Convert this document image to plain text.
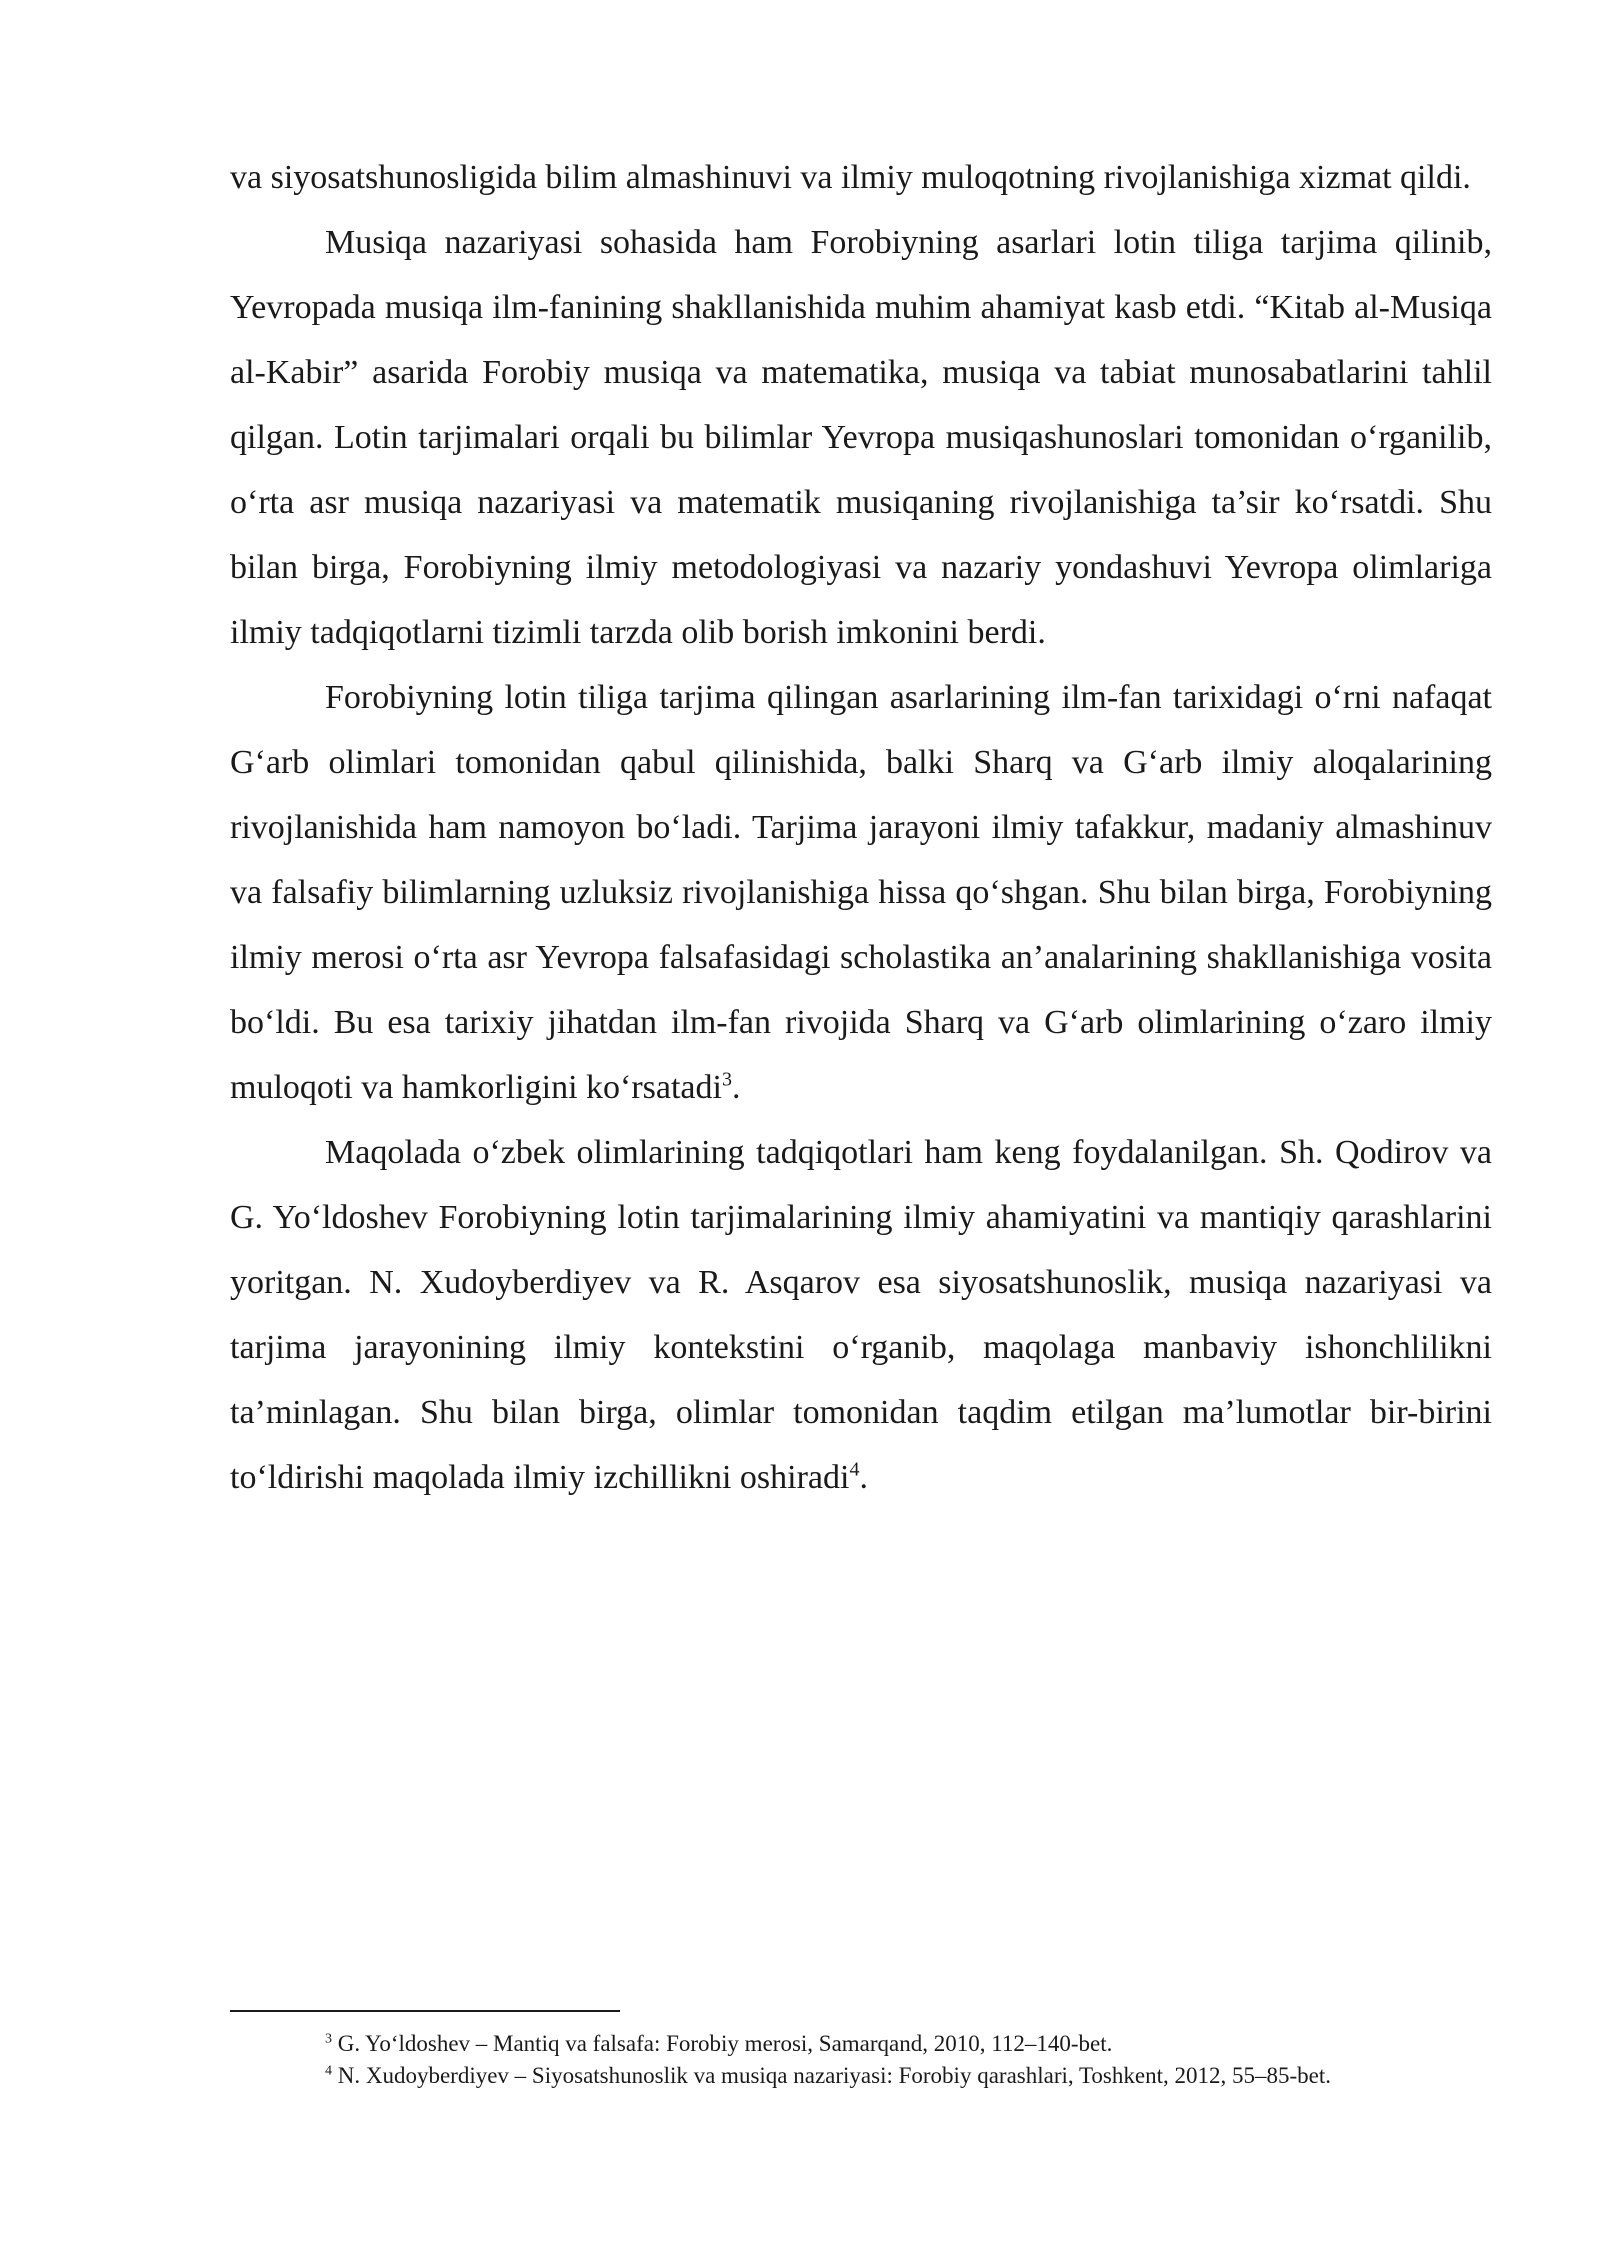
va siyosatshunosligida bilim almashinuvi va ilmiy muloqotning rivojlanishiga xizmat qildi.

Musiqa nazariyasi sohasida ham Forobiyning asarlari lotin tiliga tarjima qilinib, Yevropada musiqa ilm-fanining shakllanishida muhim ahamiyat kasb etdi. “Kitab al-Musiqa al-Kabir” asarida Forobiy musiqa va matematika, musiqa va tabiat munosabatlarini tahlil qilgan. Lotin tarjimalari orqali bu bilimlar Yevropa musiqashunoslari tomonidan o‘rganilib, o‘rta asr musiqa nazariyasi va matematik musiqaning rivojlanishiga ta’sir ko‘rsatdi. Shu bilan birga, Forobiyning ilmiy metodologiyasi va nazariy yondashuvi Yevropa olimlariga ilmiy tadqiqotlarni tizimli tarzda olib borish imkonini berdi.

Forobiyning lotin tiliga tarjima qilingan asarlarining ilm-fan tarixidagi o‘rni nafaqat G‘arb olimlari tomonidan qabul qilinishida, balki Sharq va G‘arb ilmiy aloqalarining rivojlanishida ham namoyon bo‘ladi. Tarjima jarayoni ilmiy tafakkur, madaniy almashinuv va falsafiy bilimlarning uzluksiz rivojlanishiga hissa qo‘shgan. Shu bilan birga, Forobiyning ilmiy merosi o‘rta asr Yevropa falsafasidagi scholastika an’analarining shakllanishiga vosita bo‘ldi. Bu esa tarixiy jihatdan ilm-fan rivojida Sharq va G‘arb olimlarining o‘zaro ilmiy muloqoti va hamkorligini ko‘rsatadi$^3$.

Maqolada o‘zbek olimlarining tadqiqotlari ham keng foydalanilgan. Sh. Qodirov va G. Yo‘ldoshev Forobiyning lotin tarjimalarining ilmiy ahamiyatini va mantiqiy qarashlarini yoritgan. N. Xudoyberdiyev va R. Asqarov esa siyosatshunoslik, musiqa nazariyasi va tarjima jarayonining ilmiy kontekstini o‘rganib, maqolaga manbaviy ishonchlilikni ta’minlagan. Shu bilan birga, olimlar tomonidan taqdim etilgan ma’lumotlar bir-birini to‘ldirishi maqolada ilmiy izchillikni oshiradi$^4$.

$^3$ G. Yo‘ldoshev – Mantiq va falsafa: Forobiy merosi, Samarqand, 2010, 112–140-bet.

$^4$ N. Xudoyberdiyev – Siyosatshunoslik va musiqa nazariyasi: Forobiy qarashlari, Toshkent, 2012, 55–85-bet.
